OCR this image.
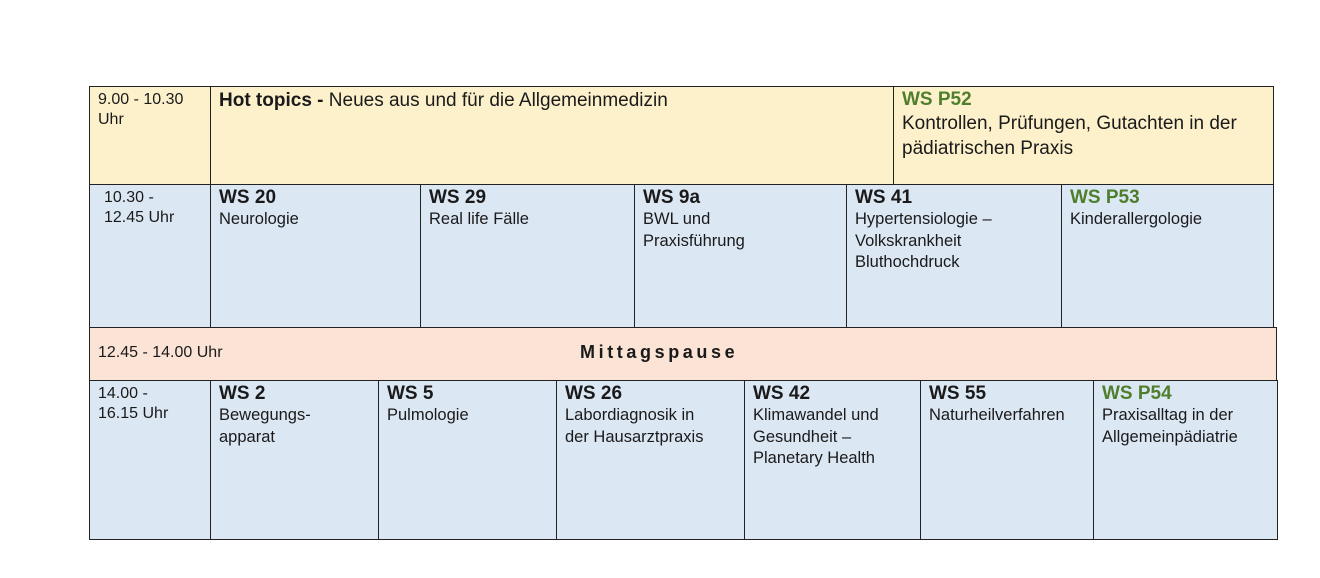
9.00 - 10.30
Uhr
Hot topics - Neues aus und für die Allgemeinmedizin	WS P52
Kontrollen, Prüfungen, Gutachten in der pädiatrischen Praxis
10.30 -
12.45 Uhr
WS 20
Neurologie
WS 29
Real life Fälle
WS 9a
BWL und
Praxisführung
WS 41
Hypertensiologie –
Volkskrankheit
Bluthochdruck
WS P53
Kinderallergologie
12.45 - 14.00 Uhr	Mittagspause
14.00 -
16.15 Uhr
WS 2
Bewegungs-
apparat
WS 5
Pulmologie
WS 26
Labordiagnosik in
der Hausarztpraxis
WS 42
Klimawandel und
Gesundheit –
Planetary Health
WS 55
Naturheilverfahren
WS P54
Praxisalltag in der
Allgemeinpädiatrie
